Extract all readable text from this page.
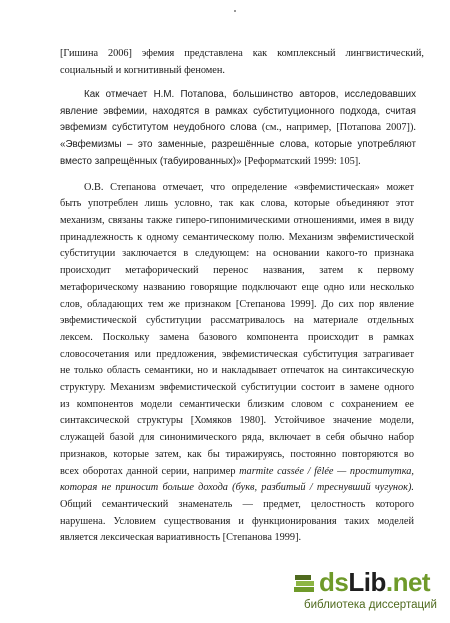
[Гишина 2006] эфемия представлена как комплексный лингвистический,
социальный и когнитивный феномен.
Как отмечает Н.М. Потапова, большинство авторов, исследовавших
явление эвфемии, находятся в рамках субституционного подхода, считая
эвфемизм субститутом неудобного слова (см., например, [Потапова 2007]).
«Эвфемизмы – это заменные, разрешённые слова, которые употребляют
вместо запрещённых (табуированных)» [Реформатский 1999: 105].
О.В. Степанова отмечает, что определение «эвфемистическая» может
быть употреблен лишь условно, так как слова, которые объединяют этот
механизм, связаны также гиперо-гипонимическими отношениями, имея в виду
принадлежность к одному семантическому полю. Механизм эвфемистической
субституции заключается в следующем: на основании какого-то признака
происходит метафорический перенос названия, затем к первому
метафорическому названию говорящие подключают еще одно или несколько
слов, обладающих тем же признаком [Степанова 1999]. До сих пор явление
эвфемистической субституции рассматривалось на материале отдельных
лексем. Поскольку замена базового компонента происходит в рамках
словосочетания или предложения, эвфемистическая субституция затрагивает
не только область семантики, но и накладывает отпечаток на синтаксическую
структуру. Механизм эвфемистической субституции состоит в замене одного
из компонентов модели семантически близким словом с сохранением ее
синтаксической структуры [Хомяков 1980]. Устойчивое значение модели,
служащей базой для синонимического ряда, включает в себя обычно набор
признаков, которые затем, как бы тиражируясь, постоянно повторяются во
всех оборотах данной серии, например marmite cassée / fêlée — проститутка,
которая не приносит больше дохода (букв, разбитый / треснувший чугунок).
Общий семантический знаменатель — предмет, целостность которого
нарушена. Условием существования и функционирования таких моделей
является лексическая вариативность [Степанова 1999].
dsLib.net
библиотека диссертаций
